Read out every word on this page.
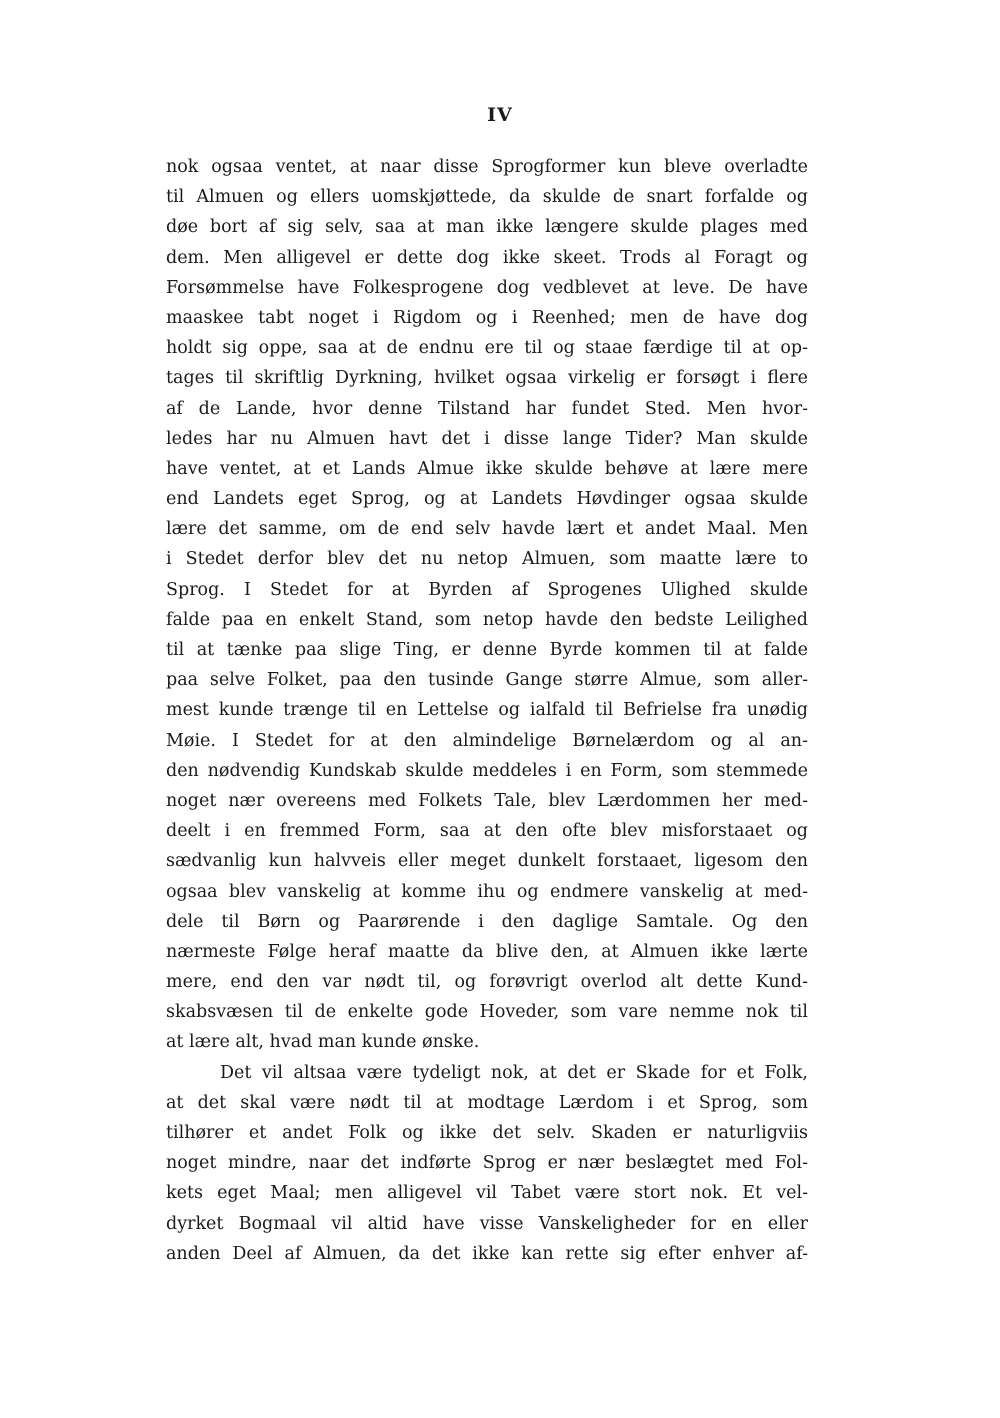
IV
nok ogsaa ventet, at naar disse Sprogformer kun bleve overladte
til Almuen og ellers uomskjøttede, da skulde de snart forfalde og
døe bort af sig selv, saa at man ikke længere skulde plages med
dem. Men alligevel er dette dog ikke skeet. Trods al Foragt og
Forsømmelse have Folkesprogene dog vedblevet at leve. De have
maaskee tabt noget i Rigdom og i Reenhed; men de have dog
holdt sig oppe, saa at de endnu ere til og staae færdige til at op-
tages til skriftlig Dyrkning, hvilket ogsaa virkelig er forsøgt i flere
af de Lande, hvor denne Tilstand har fundet Sted. Men hvor-
ledes har nu Almuen havt det i disse lange Tider? Man skulde
have ventet, at et Lands Almue ikke skulde behøve at lære mere
end Landets eget Sprog, og at Landets Høvdinger ogsaa skulde
lære det samme, om de end selv havde lært et andet Maal. Men
i Stedet derfor blev det nu netop Almuen, som maatte lære to
Sprog. I Stedet for at Byrden af Sprogenes Ulighed skulde
falde paa en enkelt Stand, som netop havde den bedste Leilighed
til at tænke paa slige Ting, er denne Byrde kommen til at falde
paa selve Folket, paa den tusinde Gange større Almue, som aller-
mest kunde trænge til en Lettelse og ialfald til Befrielse fra unødig
Møie. I Stedet for at den almindelige Børnelærdom og al an-
den nødvendig Kundskab skulde meddeles i en Form, som stemmede
noget nær overeens med Folkets Tale, blev Lærdommen her med-
deelt i en fremmed Form, saa at den ofte blev misforstaaet og
sædvanlig kun halvveis eller meget dunkelt forstaaet, ligesom den
ogsaa blev vanskelig at komme ihu og endmere vanskelig at med-
dele til Børn og Paarørende i den daglige Samtale. Og den
nærmeste Følge heraf maatte da blive den, at Almuen ikke lærte
mere, end den var nødt til, og forøvrigt overlod alt dette Kund-
skabsvæsen til de enkelte gode Hoveder, som vare nemme nok til
at lære alt, hvad man kunde ønske.
Det vil altsaa være tydeligt nok, at det er Skade for et Folk,
at det skal være nødt til at modtage Lærdom i et Sprog, som
tilhører et andet Folk og ikke det selv. Skaden er naturligviis
noget mindre, naar det indførte Sprog er nær beslægtet med Fol-
kets eget Maal; men alligevel vil Tabet være stort nok. Et vel-
dyrket Bogmaal vil altid have visse Vanskeligheder for en eller
anden Deel af Almuen, da det ikke kan rette sig efter enhver af-
